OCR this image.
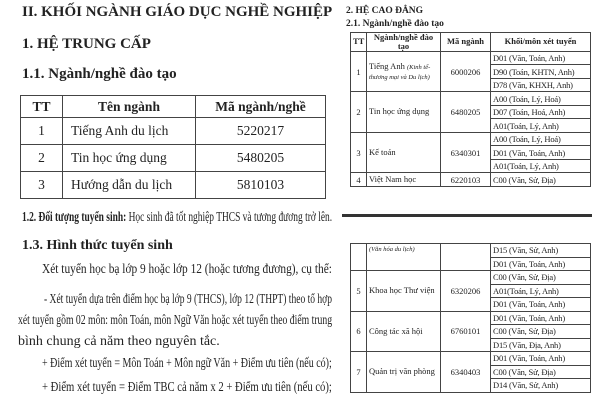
II. KHỐI NGÀNH GIÁO DỤC NGHỀ NGHIỆP
1. HỆ TRUNG CẤP
1.1. Ngành/nghề đào tạo
TT	Tên ngành	Mã ngành/nghề
1	Tiếng Anh du lịch	5220217
2	Tin học ứng dụng	5480205
3	Hướng dẫn du lịch	5810103
1.2. Đối tượng tuyển sinh: Học sinh đã tốt nghiệp THCS và tương đương trở lên.
1.3. Hình thức tuyển sinh
Xét tuyển học bạ lớp 9 hoặc lớp 12 (hoặc tương đương), cụ thể:
- Xét tuyển dựa trên điểm học bạ lớp 9 (THCS), lớp 12 (THPT) theo tổ hợp
xét tuyển gồm 02 môn: môn Toán, môn Ngữ Văn hoặc xét tuyển theo điểm trung
bình chung cả năm theo nguyên tắc.
+ Điểm xét tuyển = Môn Toán + Môn ngữ Văn + Điểm ưu tiên (nếu có);
+ Điểm xét tuyển = Điểm TBC cả năm x 2 + Điểm ưu tiên (nếu có);
2. HỆ CAO ĐẲNG
2.1. Ngành/nghề đào tạo
TT	Ngành/nghề đào tạo	Mã ngành	Khối/môn xét tuyển
1	Tiếng Anh (Kinh tế- thương mại và Du lịch)	6000206	D01 (Văn, Toán, Anh)
			D90 (Toán, KHTN, Anh)
			D78 (Văn, KHXH, Anh)
2	Tin học ứng dụng	6480205	A00 (Toán, Lý, Hoá)
			D07 (Toán, Hoá, Anh)
			A01(Toán, Lý, Anh)
3	Kế toán	6340301	A00 (Toán, Lý, Hoá)
			D01 (Văn, Toán, Anh)
			A01(Toán, Lý, Anh)
4	Việt Nam học	6220103	C00 (Văn, Sử, Địa)
	(Văn hóa du lịch)		D15 (Văn, Sử, Anh)
			D01 (Văn, Toán, Anh)
5	Khoa học Thư viện	6320206	C00 (Văn, Sử, Địa)
			A01(Toán, Lý, Anh)
			D01 (Văn, Toán, Anh)
6	Công tác xã hội	6760101	D01 (Văn, Toán, Anh)
			C00 (Văn, Sử, Địa)
			D15 (Văn, Địa, Anh)
7	Quản trị văn phòng	6340403	D01 (Văn, Toán, Anh)
			C00 (Văn, Sử, Địa)
			D14 (Văn, Sử, Anh)
